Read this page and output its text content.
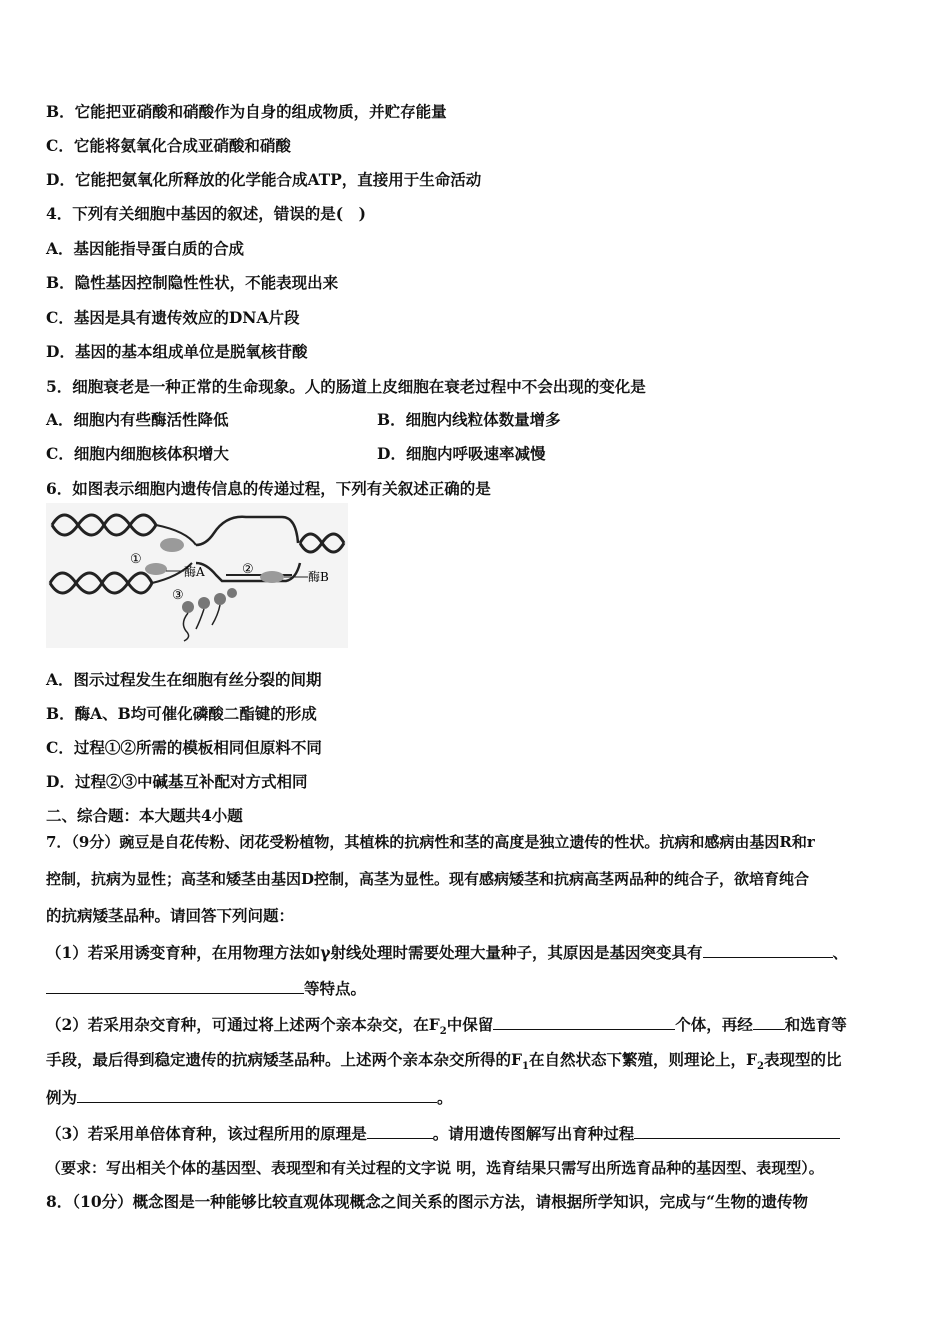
B．它能把亚硝酸和硝酸作为自身的组成物质，并贮存能量
C．它能将氨氧化合成亚硝酸和硝酸
D．它能把氨氧化所释放的化学能合成ATP，直接用于生命活动
4．下列有关细胞中基因的叙述，错误的是(　)
A．基因能指导蛋白质的合成
B．隐性基因控制隐性性状，不能表现出来
C．基因是具有遗传效应的DNA片段
D．基因的基本组成单位是脱氧核苷酸
5．细胞衰老是一种正常的生命现象。人的肠道上皮细胞在衰老过程中不会出现的变化是
A．细胞内有些酶活性降低	B．细胞内线粒体数量增多
C．细胞内细胞核体积增大	D．细胞内呼吸速率减慢
6．如图表示细胞内遗传信息的传递过程，下列有关叙述正确的是
①
②
③
酶A	酶B
A．图示过程发生在细胞有丝分裂的间期
B．酶A、B均可催化磷酸二酯键的形成
C．过程①②所需的模板相同但原料不同
D．过程②③中碱基互补配对方式相同
二、综合题：本大题共4小题
7．（9分）豌豆是自花传粉、闭花受粉植物，其植株的抗病性和茎的高度是独立遗传的性状。抗病和感病由基因R和r
控制，抗病为显性；高茎和矮茎由基因D控制，高茎为显性。现有感病矮茎和抗病高茎两品种的纯合子，欲培育纯合
的抗病矮茎品种。请回答下列问题：
（1）若采用诱变育种，在用物理方法如γ射线处理时需要处理大量种子，其原因是基因突变具有	、
等特点。
（2）若采用杂交育种，可通过将上述两个亲本杂交，在$F_2$中保留	个体，再经 和选育等
手段，最后得到稳定遗传的抗病矮茎品种。上述两个亲本杂交所得的$F_1$在自然状态下繁殖，则理论上，$F_2$表现型的比
例为	。
（3）若采用单倍体育种，该过程所用的原理是	。请用遗传图解写出育种过程
（要求：写出相关个体的基因型、表现型和有关过程的文字说 明，选育结果只需写出所选育品种的基因型、表现型）。
8．（10分）概念图是一种能够比较直观体现概念之间关系的图示方法，请根据所学知识，完成与“生物的遗传物
